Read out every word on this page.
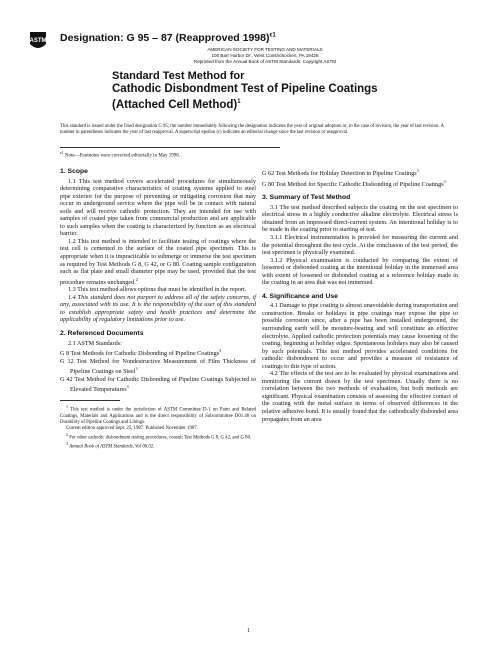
ASTM Designation: G 95 – 87 (Reapproved 1998)$^{\epsilon 1}$
AMERICAN SOCIETY FOR TESTING AND MATERIALS
100 Barr Harbor Dr., West Conshohocken, PA 19428
Reprinted from the Annual Book of ASTM Standards. Copyright ASTM
Standard Test Method for
Cathodic Disbondment Test of Pipeline Coatings (Attached Cell Method)$^1$
This standard is issued under the fixed designation G 95; the number immediately following the designation indicates the year of original adoption or, in the case of revision, the year of last revision. A number in parentheses indicates the year of last reapproval. A superscript epsilon (ϵ) indicates an editorial change since the last revision or reapproval.
$^{\epsilon 1}$ Note—Footnotes were corrected editorially in May 1998.
1. Scope

1.1 This test method covers accelerated procedures for simultaneously determining comparative characteristics of coating systems applied to steel pipe exterior for the purpose of preventing or mitigating corrosion that may occur in underground service where the pipe will be in contact with natural soils and will receive cathodic protection. They are intended for use with samples of coated pipe taken from commercial production and are applicable to such samples when the coating is characterized by function as an electrical barrier.

1.2 This test method is intended to facilitate testing of coatings where the test cell is cemented to the surface of the coated pipe specimen. This is appropriate when it is impracticable to submerge or immerse the test specimen as required by Test Methods G 8, G 42, or G 80. Coating sample configuration such as flat plate and small diameter pipe may be used, provided that the test procedure remains unchanged.$^2$

1.3 This test method allows options that must be identified in the report.

1.4 This standard does not purport to address all of the safety concerns, if any, associated with its use. It is the responsibility of the user of this standard to establish appropriate safety and health practices and determine the applicability of regulatory limitations prior to use.

2. Referenced Documents

2.1 ASTM Standards:

G 8 Test Methods for Cathodic Disbonding of Pipeline Coatings$^3$

G 12 Test Method for Nondestructive Measurement of Film Thickness of Pipeline Coatings on Steel$^3$

G 42 Test Method for Cathodic Disbonding of Pipeline Coatings Subjected to Elevated Temperatures$^3$

$^1$ This test method is under the jurisdiction of ASTM Committee D-1 on Paint and Related Coatings, Materials and Applications and is the direct responsibility of Subcommittee D01.48 on Durability of Pipeline Coatings and Linings.

Current edition approved Sept. 25, 1987. Published November 1987.

$^2$ For other cathodic disbondment testing procedures, consult Test Methods G 8, G 42, and G 80.

$^3$ Annual Book of ASTM Standards, Vol 06.02.

G 62 Test Methods for Holiday Detection in Pipeline Coatings$^3$

G 80 Test Method for Specific Cathodic Disbonding of Pipeline Coatings$^3$

3. Summary of Test Method

3.1 The test method described subjects the coating on the test specimen to electrical stress in a highly conductive alkaline electrolyte. Electrical stress is obtained from an impressed direct-current system. An intentional holiday is to be made in the coating prior to starting of test.

3.1.1 Electrical instrumentation is provided for measuring the current and the potential throughout the test cycle. At the conclusion of the test period, the test specimen is physically examined.

3.1.2 Physical examination is conducted by comparing the extent of loosened or disbonded coating at the intentional holiday in the immersed area with extent of loosened or disbonded coating at a reference holiday made in the coating in an area that was not immersed.

4. Significance and Use

4.1 Damage to pipe coating is almost unavoidable during transportation and construction. Breaks or holidays in pipe coatings may expose the pipe to possible corrosion since, after a pipe has been installed underground, the surrounding earth will be moisture-bearing and will constitute an effective electrolyte. Applied cathodic protection potentials may cause loosening of the coating, beginning at holiday edges. Spontaneous holidays may also be caused by such potentials. This test method provides accelerated conditions for cathodic disbondment to occur and provides a measure of resistance of coatings to this type of action.

4.2 The effects of the test are to be evaluated by physical examinations and monitoring the current drawn by the test specimen. Usually there is no correlation between the two methods of evaluation, but both methods are significant. Physical examination consists of assessing the effective contact of the coating with the metal surface in terms of observed differences in the relative adhesive bond. It is usually found that the cathodically disbonded area propagates from an area

1
